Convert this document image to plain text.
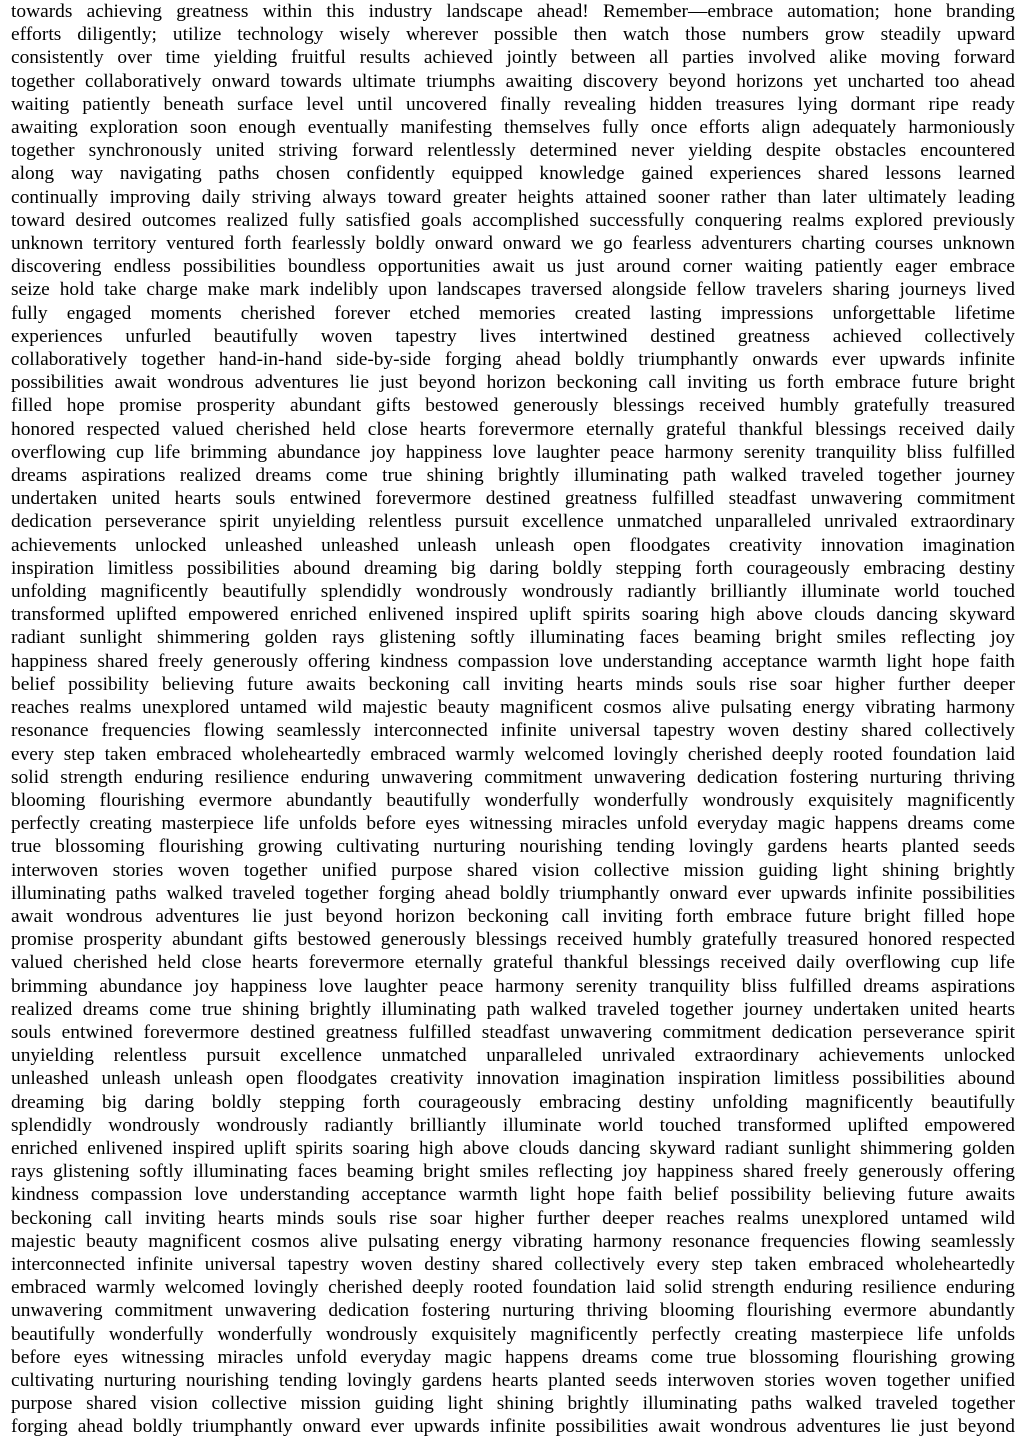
towards achieving greatness within this industry landscape ahead! Remember—embrace automation; hone branding
efforts diligently; utilize technology wisely wherever possible then watch those numbers grow steadily upward
consistently over time yielding fruitful results achieved jointly between all parties involved alike moving forward
together collaboratively onward towards ultimate triumphs awaiting discovery beyond horizons yet uncharted too ahead
waiting patiently beneath surface level until uncovered finally revealing hidden treasures lying dormant ripe ready
awaiting exploration soon enough eventually manifesting themselves fully once efforts align adequately harmoniously
together synchronously united striving forward relentlessly determined never yielding despite obstacles encountered
along way navigating paths chosen confidently equipped knowledge gained experiences shared lessons learned
continually improving daily striving always toward greater heights attained sooner rather than later ultimately leading
toward desired outcomes realized fully satisfied goals accomplished successfully conquering realms explored previously
unknown territory ventured forth fearlessly boldly onward onward we go fearless adventurers charting courses unknown
discovering endless possibilities boundless opportunities await us just around corner waiting patiently eager embrace
seize hold take charge make mark indelibly upon landscapes traversed alongside fellow travelers sharing journeys lived
fully engaged moments cherished forever etched memories created lasting impressions unforgettable lifetime
experiences unfurled beautifully woven tapestry lives intertwined destined greatness achieved collectively
collaboratively together hand-in-hand side-by-side forging ahead boldly triumphantly onwards ever upwards infinite
possibilities await wondrous adventures lie just beyond horizon beckoning call inviting us forth embrace future bright
filled hope promise prosperity abundant gifts bestowed generously blessings received humbly gratefully treasured
honored respected valued cherished held close hearts forevermore eternally grateful thankful blessings received daily
overflowing cup life brimming abundance joy happiness love laughter peace harmony serenity tranquility bliss fulfilled
dreams aspirations realized dreams come true shining brightly illuminating path walked traveled together journey
undertaken united hearts souls entwined forevermore destined greatness fulfilled steadfast unwavering commitment
dedication perseverance spirit unyielding relentless pursuit excellence unmatched unparalleled unrivaled extraordinary
achievements unlocked unleashed unleashed unleash unleash open floodgates creativity innovation imagination
inspiration limitless possibilities abound dreaming big daring boldly stepping forth courageously embracing destiny
unfolding magnificently beautifully splendidly wondrously wondrously radiantly brilliantly illuminate world touched
transformed uplifted empowered enriched enlivened inspired uplift spirits soaring high above clouds dancing skyward
radiant sunlight shimmering golden rays glistening softly illuminating faces beaming bright smiles reflecting joy
happiness shared freely generously offering kindness compassion love understanding acceptance warmth light hope faith
belief possibility believing future awaits beckoning call inviting hearts minds souls rise soar higher further deeper
reaches realms unexplored untamed wild majestic beauty magnificent cosmos alive pulsating energy vibrating harmony
resonance frequencies flowing seamlessly interconnected infinite universal tapestry woven destiny shared collectively
every step taken embraced wholeheartedly embraced warmly welcomed lovingly cherished deeply rooted foundation laid
solid strength enduring resilience enduring unwavering commitment unwavering dedication fostering nurturing thriving
blooming flourishing evermore abundantly beautifully wonderfully wonderfully wondrously exquisitely magnificently
perfectly creating masterpiece life unfolds before eyes witnessing miracles unfold everyday magic happens dreams come
true blossoming flourishing growing cultivating nurturing nourishing tending lovingly gardens hearts planted seeds
interwoven stories woven together unified purpose shared vision collective mission guiding light shining brightly
illuminating paths walked traveled together forging ahead boldly triumphantly onward ever upwards infinite possibilities
await wondrous adventures lie just beyond horizon beckoning call inviting forth embrace future bright filled hope
promise prosperity abundant gifts bestowed generously blessings received humbly gratefully treasured honored respected
valued cherished held close hearts forevermore eternally grateful thankful blessings received daily overflowing cup life
brimming abundance joy happiness love laughter peace harmony serenity tranquility bliss fulfilled dreams aspirations
realized dreams come true shining brightly illuminating path walked traveled together journey undertaken united hearts
souls entwined forevermore destined greatness fulfilled steadfast unwavering commitment dedication perseverance spirit
unyielding relentless pursuit excellence unmatched unparalleled unrivaled extraordinary achievements unlocked
unleashed unleash unleash open floodgates creativity innovation imagination inspiration limitless possibilities abound
dreaming big daring boldly stepping forth courageously embracing destiny unfolding magnificently beautifully
splendidly wondrously wondrously radiantly brilliantly illuminate world touched transformed uplifted empowered
enriched enlivened inspired uplift spirits soaring high above clouds dancing skyward radiant sunlight shimmering golden
rays glistening softly illuminating faces beaming bright smiles reflecting joy happiness shared freely generously offering
kindness compassion love understanding acceptance warmth light hope faith belief possibility believing future awaits
beckoning call inviting hearts minds souls rise soar higher further deeper reaches realms unexplored untamed wild
majestic beauty magnificent cosmos alive pulsating energy vibrating harmony resonance frequencies flowing seamlessly
interconnected infinite universal tapestry woven destiny shared collectively every step taken embraced wholeheartedly
embraced warmly welcomed lovingly cherished deeply rooted foundation laid solid strength enduring resilience enduring
unwavering commitment unwavering dedication fostering nurturing thriving blooming flourishing evermore abundantly
beautifully wonderfully wonderfully wondrously exquisitely magnificently perfectly creating masterpiece life unfolds
before eyes witnessing miracles unfold everyday magic happens dreams come true blossoming flourishing growing
cultivating nurturing nourishing tending lovingly gardens hearts planted seeds interwoven stories woven together unified
purpose shared vision collective mission guiding light shining brightly illuminating paths walked traveled together
forging ahead boldly triumphantly onward ever upwards infinite possibilities await wondrous adventures lie just beyond
